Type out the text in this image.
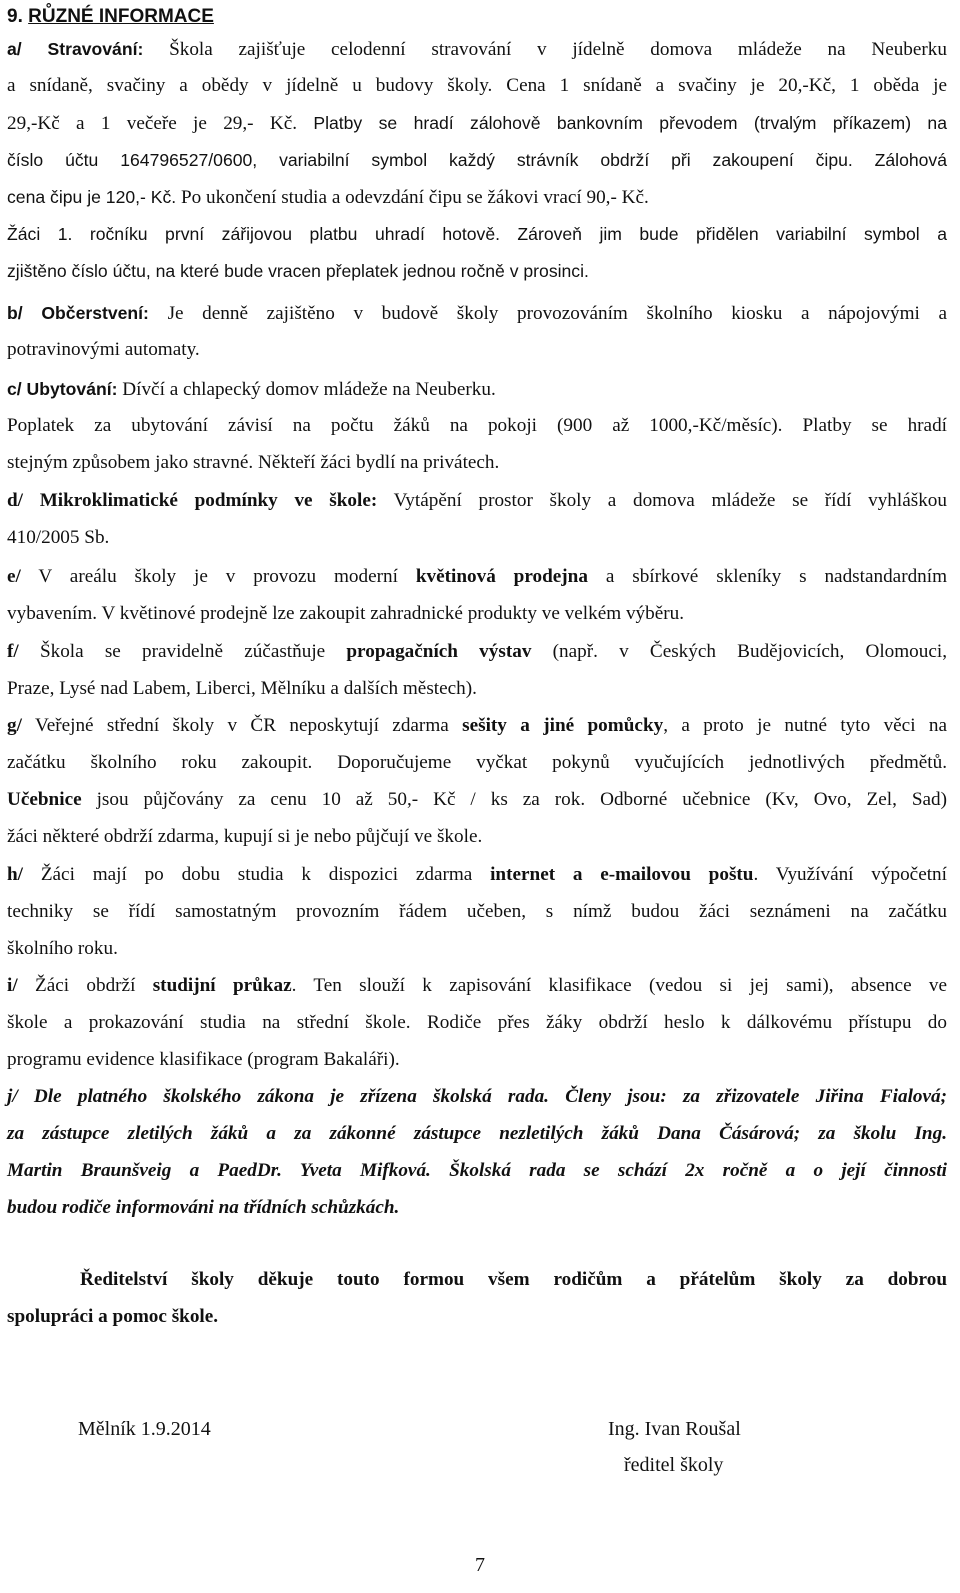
9. RŮZNÉ INFORMACE
a/ Stravování: Škola zajišťuje celodenní stravování v jídelně domova mládeže na Neuberku
a snídaně, svačiny a obědy v jídelně u budovy školy. Cena 1 snídaně a svačiny je 20,-Kč, 1 oběda je
29,-Kč a 1 večeře je 29,- Kč. Platby se hradí zálohově bankovním převodem (trvalým příkazem) na
číslo účtu 164796527/0600, variabilní symbol každý strávník obdrží při zakoupení čipu. Zálohová
cena čipu je 120,- Kč. Po ukončení studia a odevzdání čipu se žákovi vrací 90,- Kč.
Žáci 1. ročníku první zářijovou platbu uhradí hotově. Zároveň jim bude přidělen variabilní symbol a
zjištěno číslo účtu, na které bude vracen přeplatek jednou ročně v prosinci.
b/ Občerstvení: Je denně zajištěno v budově školy provozováním školního kiosku a nápojovými a
potravinovými automaty.
c/ Ubytování: Dívčí a chlapecký domov mládeže na Neuberku.
Poplatek za ubytování závisí na počtu žáků na pokoji (900 až 1000,-Kč/měsíc). Platby se hradí
stejným způsobem jako stravné. Někteří žáci bydlí na privátech.
d/ Mikroklimatické podmínky ve škole: Vytápění prostor školy a domova mládeže se řídí vyhláškou
410/2005 Sb.
e/ V areálu školy je v provozu moderní květinová prodejna a sbírkové skleníky s nadstandardním
vybavením. V květinové prodejně lze zakoupit zahradnické produkty ve velkém výběru.
f/ Škola se pravidelně zúčastňuje propagačních výstav (např. v Českých Budějovicích, Olomouci,
Praze, Lysé nad Labem, Liberci, Mělníku a dalších městech).
g/ Veřejné střední školy v ČR neposkytují zdarma sešity a jiné pomůcky, a proto je nutné tyto věci na
začátku školního roku zakoupit. Doporučujeme vyčkat pokynů vyučujících jednotlivých předmětů.
Učebnice jsou půjčovány za cenu 10 až 50,- Kč / ks za rok. Odborné učebnice (Kv, Ovo, Zel, Sad)
žáci některé obdrží zdarma, kupují si je nebo půjčují ve škole.
h/ Žáci mají po dobu studia k dispozici zdarma internet a e-mailovou poštu. Využívání výpočetní
techniky se řídí samostatným provozním řádem učeben, s nímž budou žáci seznámeni na začátku
školního roku.
i/ Žáci obdrží studijní průkaz. Ten slouží k zapisování klasifikace (vedou si jej sami), absence ve
škole a prokazování studia na střední škole. Rodiče přes žáky obdrží heslo k dálkovému přístupu do
programu evidence klasifikace (program Bakaláři).
j/ Dle platného školského zákona je zřízena školská rada. Členy jsou: za zřizovatele Jiřina Fialová;
za zástupce zletilých žáků a za zákonné zástupce nezletilých žáků Dana Čásárová; za školu Ing.
Martin Braunšveig a PaedDr. Yveta Mifková. Školská rada se schází 2x ročně a o její činnosti
budou rodiče informováni na třídních schůzkách.
Ředitelství školy děkuje touto formou všem rodičům a přátelům školy za dobrou
spolupráci a pomoc škole.
Mělník 1.9.2014	Ing. Ivan Roušal
ředitel školy
7
